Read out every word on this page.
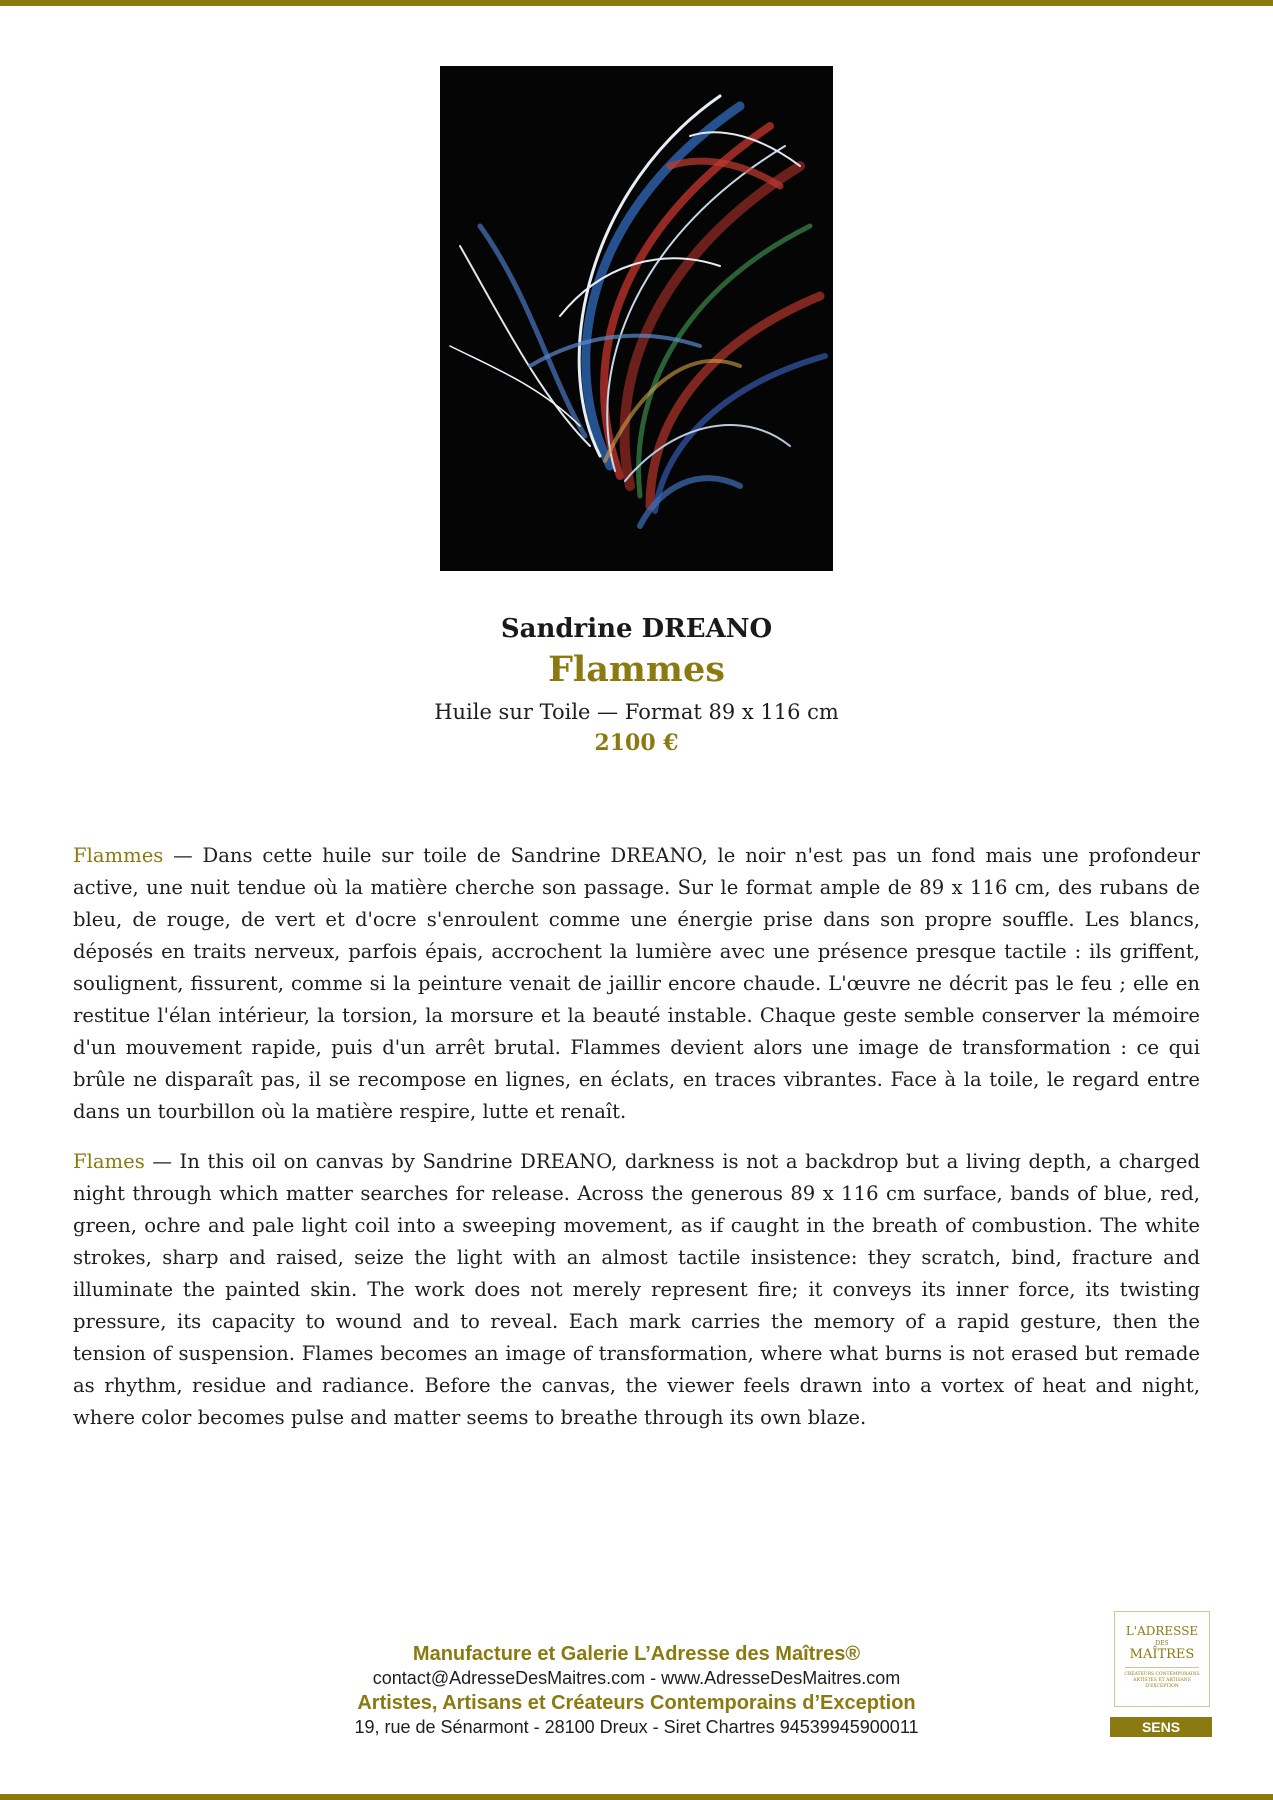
Sandrine DREANO
Flammes
Huile sur Toile — Format 89 x 116 cm
2100 €

Flammes — Dans cette huile sur toile de Sandrine DREANO, le noir n'est pas un fond mais une profondeur active, une nuit tendue où la matière cherche son passage. Sur le format ample de 89 x 116 cm, des rubans de bleu, de rouge, de vert et d'ocre s'enroulent comme une énergie prise dans son propre souffle. Les blancs, déposés en traits nerveux, parfois épais, accrochent la lumière avec une présence presque tactile : ils griffent, soulignent, fissurent, comme si la peinture venait de jaillir encore chaude. L'œuvre ne décrit pas le feu ; elle en restitue l'élan intérieur, la torsion, la morsure et la beauté instable. Chaque geste semble conserver la mémoire d'un mouvement rapide, puis d'un arrêt brutal. Flammes devient alors une image de transformation : ce qui brûle ne disparaît pas, il se recompose en lignes, en éclats, en traces vibrantes. Face à la toile, le regard entre dans un tourbillon où la matière respire, lutte et renaît.

Flames — In this oil on canvas by Sandrine DREANO, darkness is not a backdrop but a living depth, a charged night through which matter searches for release. Across the generous 89 x 116 cm surface, bands of blue, red, green, ochre and pale light coil into a sweeping movement, as if caught in the breath of combustion. The white strokes, sharp and raised, seize the light with an almost tactile insistence: they scratch, bind, fracture and illuminate the painted skin. The work does not merely represent fire; it conveys its inner force, its twisting pressure, its capacity to wound and to reveal. Each mark carries the memory of a rapid gesture, then the tension of suspension. Flames becomes an image of transformation, where what burns is not erased but remade as rhythm, residue and radiance. Before the canvas, the viewer feels drawn into a vortex of heat and night, where color becomes pulse and matter seems to breathe through its own blaze.

Manufacture et Galerie L’Adresse des Maîtres®
contact@AdresseDesMaitres.com - www.AdresseDesMaitres.com
Artistes, Artisans et Créateurs Contemporains d’Exception
19, rue de Sénarmont - 28100 Dreux - Siret Chartres 94539945900011
L'ADRESSE
DES
MAÎTRES
CRÉATEURS CONTEMPORAINS ARTISTES ET ARTISANS D'EXCEPTION
SENS
